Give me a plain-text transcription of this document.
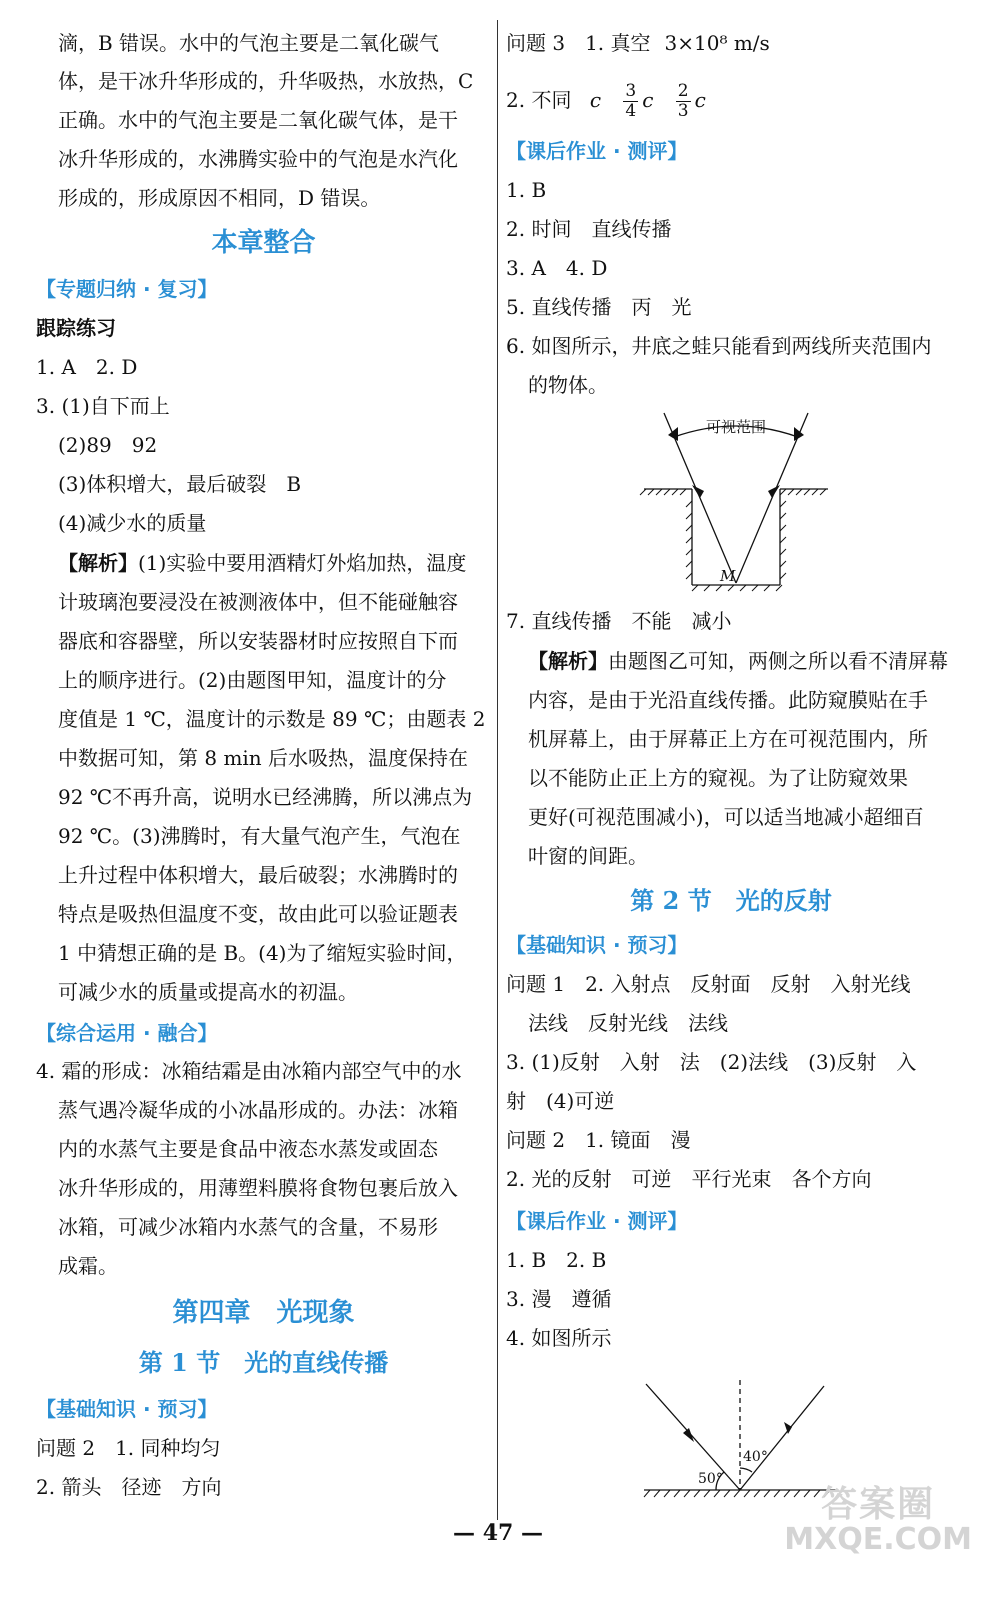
滴，B 错误。水中的气泡主要是二氧化碳气
体，是干冰升华形成的，升华吸热，水放热，C
正确。水中的气泡主要是二氧化碳气体，是干
冰升华形成的，水沸腾实验中的气泡是水汽化
形成的，形成原因不相同，D 错误。
本章整合
【专题归纳 · 复习】
跟踪练习
1. A　2. D
3. (1)自下而上
(2)89　92
(3)体积增大，最后破裂　B
(4)减少水的质量
【解析】(1)实验中要用酒精灯外焰加热，温度
计玻璃泡要浸没在被测液体中，但不能碰触容
器底和容器壁，所以安装器材时应按照自下而
上的顺序进行。(2)由题图甲知，温度计的分
度值是 1 ℃，温度计的示数是 89 ℃；由题表 2
中数据可知，第 8 min 后水吸热，温度保持在
92 ℃不再升高，说明水已经沸腾，所以沸点为
92 ℃。(3)沸腾时，有大量气泡产生，气泡在
上升过程中体积增大，最后破裂；水沸腾时的
特点是吸热但温度不变，故由此可以验证题表
1 中猜想正确的是 B。(4)为了缩短实验时间，
可减少水的质量或提高水的初温。
【综合运用 · 融合】
4. 霜的形成：冰箱结霜是由冰箱内部空气中的水
蒸气遇冷凝华成的小冰晶形成的。办法：冰箱
内的水蒸气主要是食品中液态水蒸发或固态
冰升华形成的，用薄塑料膜将食物包裹后放入
冰箱，可减少冰箱内水蒸气的含量，不易形
成霜。
第四章　光现象
第 1 节　光的直线传播
【基础知识 · 预习】
问题 2　1. 同种均匀
2. 箭头　径迹　方向
问题 3　1. 真空 3×10⁸ m/s
2. 不同 c $\frac{3}{4}$ c $\frac{2}{3}$ c
【课后作业 · 测评】
1. B
2. 时间　直线传播
3. A　4. D
5. 直线传播　丙　光
6. 如图所示，井底之蛙只能看到两线所夹范围内
的物体。
可视范围
M
7. 直线传播　不能　减小
【解析】由题图乙可知，两侧之所以看不清屏幕
内容，是由于光沿直线传播。此防窥膜贴在手
机屏幕上，由于屏幕正上方在可视范围内，所
以不能防止正上方的窥视。为了让防窥效果
更好(可视范围减小)，可以适当地减小超细百
叶窗的间距。
第 2 节　光的反射
【基础知识 · 预习】
问题 1　2. 入射点　反射面　反射　入射光线
法线　反射光线　法线
3. (1)反射　入射　法　(2)法线　(3)反射　入
射　(4)可逆
问题 2　1. 镜面　漫
2. 光的反射　可逆　平行光束　各个方向
【课后作业 · 测评】
1. B　2. B
3. 漫　遵循
4. 如图所示
50°
40°
— 47 —
答案圈
MXQE.COM
